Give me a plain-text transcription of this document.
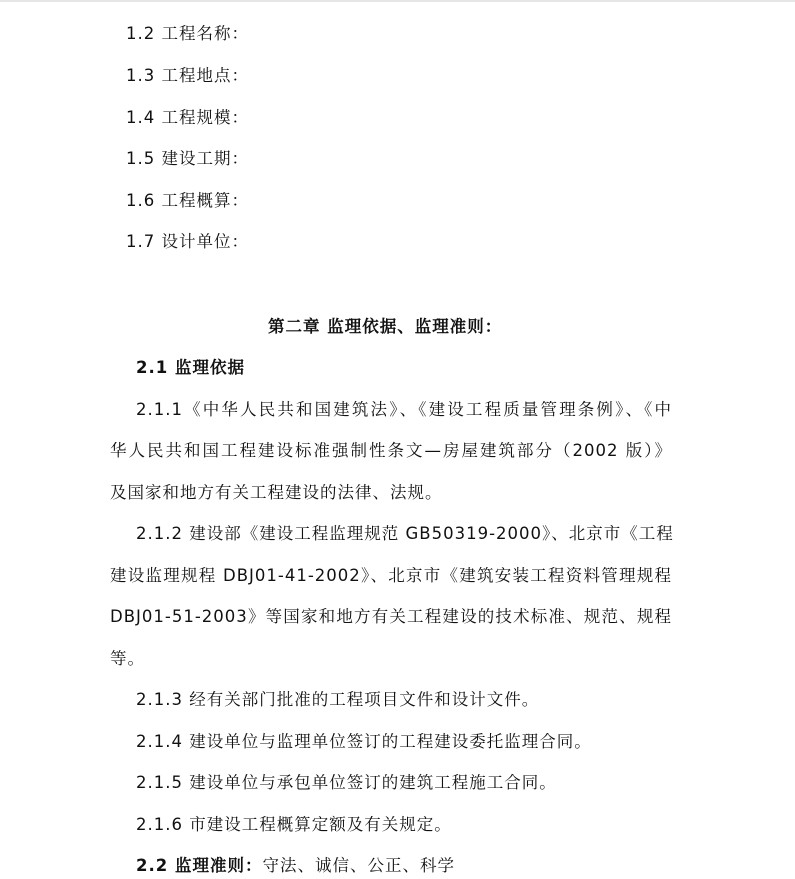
1.2 工程名称：
1.3 工程地点：
1.4 工程规模：
1.5 建设工期：
1.6 工程概算：
1.7 设计单位：
第二章 监理依据、监理准则：
2.1 监理依据
2.1.1《中华人民共和国建筑法》、《建设工程质量管理条例》、《中
华人民共和国工程建设标准强制性条文—房屋建筑部分（2002 版）》
及国家和地方有关工程建设的法律、法规。
2.1.2 建设部《建设工程监理规范 GB50319-2000》、北京市《工程
建设监理规程 DBJ01-41-2002》、北京市《建筑安装工程资料管理规程
DBJ01-51-2003》等国家和地方有关工程建设的技术标准、规范、规程
等。
2.1.3 经有关部门批准的工程项目文件和设计文件。
2.1.4 建设单位与监理单位签订的工程建设委托监理合同。
2.1.5 建设单位与承包单位签订的建筑工程施工合同。
2.1.6 市建设工程概算定额及有关规定。
2.2 监理准则：守法、诚信、公正、科学
